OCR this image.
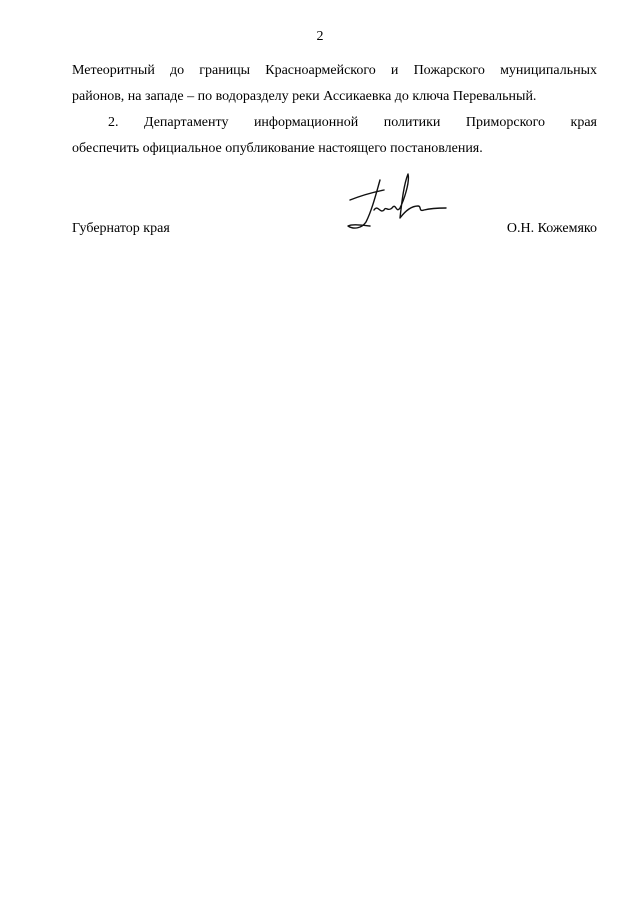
2
Метеоритный до границы Красноармейского и Пожарского муниципальных
районов, на западе – по водоразделу реки Ассикаевка до ключа Перевальный.
2. Департаменту информационной политики Приморского края
обеспечить официальное опубликование настоящего постановления.
Губернатор края	О.Н. Кожемяко
